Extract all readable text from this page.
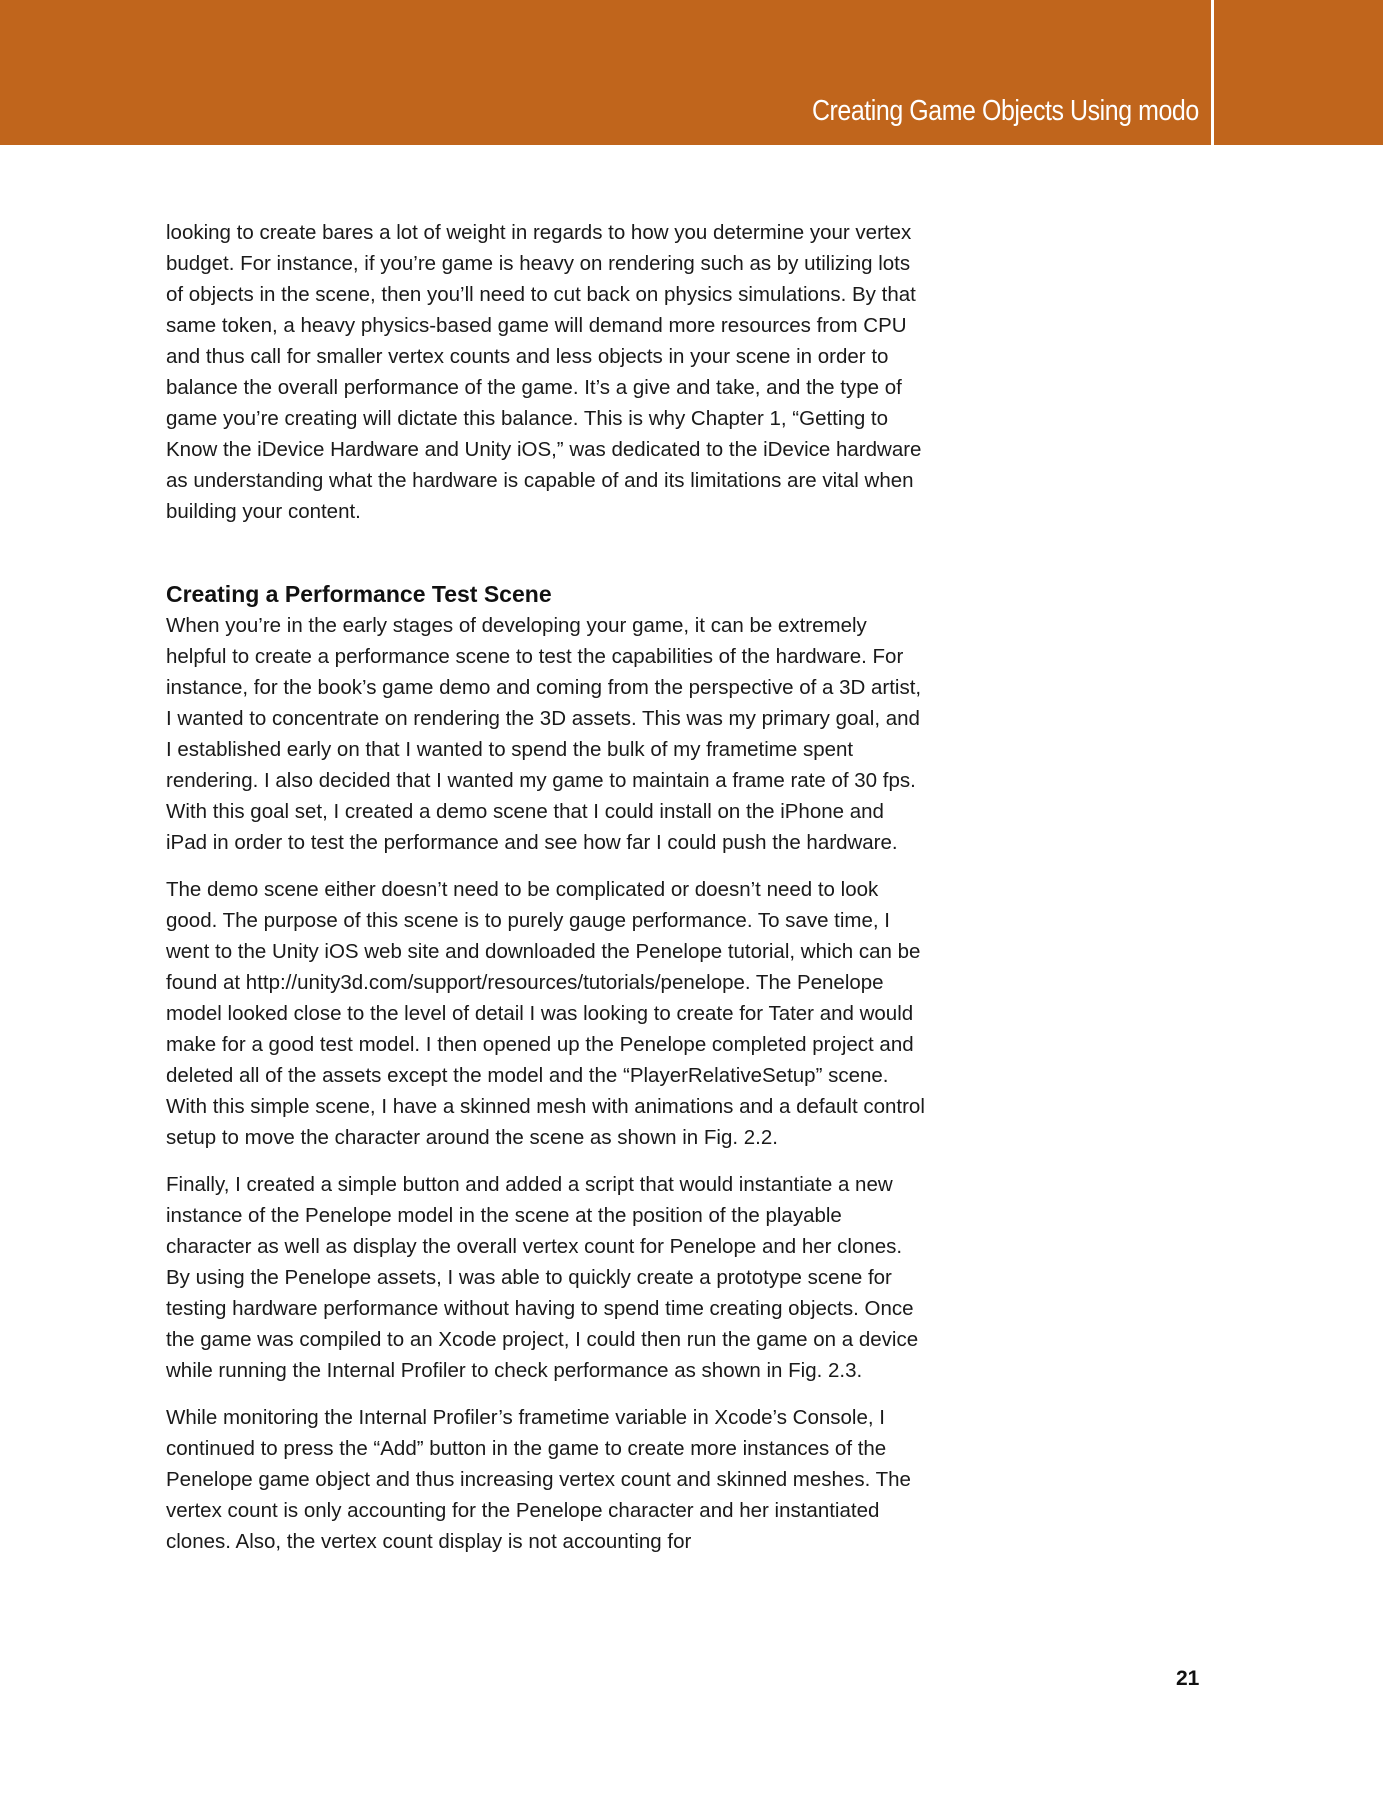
Creating Game Objects Using modo

looking to create bares a lot of weight in regards to how you determine your vertex budget. For instance, if you’re game is heavy on rendering such as by utilizing lots of objects in the scene, then you’ll need to cut back on physics simulations. By that same token, a heavy physics-based game will demand more resources from CPU and thus call for smaller vertex counts and less objects in your scene in order to balance the overall performance of the game. It’s a give and take, and the type of game you’re creating will dictate this balance. This is why Chapter 1, “Getting to Know the iDevice Hardware and Unity iOS,” was dedicated to the iDevice hardware as understanding what the hardware is capable of and its limitations are vital when building your content.

Creating a Performance Test Scene

When you’re in the early stages of developing your game, it can be extremely helpful to create a performance scene to test the capabilities of the hardware. For instance, for the book’s game demo and coming from the perspective of a 3D artist, I wanted to concentrate on rendering the 3D assets. This was my primary goal, and I established early on that I wanted to spend the bulk of my frametime spent rendering. I also decided that I wanted my game to maintain a frame rate of 30 fps. With this goal set, I created a demo scene that I could install on the iPhone and iPad in order to test the performance and see how far I could push the hardware.

The demo scene either doesn’t need to be complicated or doesn’t need to look good. The purpose of this scene is to purely gauge performance. To save time, I went to the Unity iOS web site and downloaded the Penelope tutorial, which can be found at http://unity3d.com/support/resources/tutorials/penelope. The Penelope model looked close to the level of detail I was looking to create for Tater and would make for a good test model. I then opened up the Penelope completed project and deleted all of the assets except the model and the “PlayerRelativeSetup” scene. With this simple scene, I have a skinned mesh with animations and a default control setup to move the character around the scene as shown in Fig. 2.2.

Finally, I created a simple button and added a script that would instantiate a new instance of the Penelope model in the scene at the position of the playable character as well as display the overall vertex count for Penelope and her clones. By using the Penelope assets, I was able to quickly create a prototype scene for testing hardware performance without having to spend time creating objects. Once the game was compiled to an Xcode project, I could then run the game on a device while running the Internal Profiler to check performance as shown in Fig. 2.3.

While monitoring the Internal Profiler’s frametime variable in Xcode’s Console, I continued to press the “Add” button in the game to create more instances of the Penelope game object and thus increasing vertex count and skinned meshes. The vertex count is only accounting for the Penelope character and her instantiated clones. Also, the vertex count display is not accounting for

21
